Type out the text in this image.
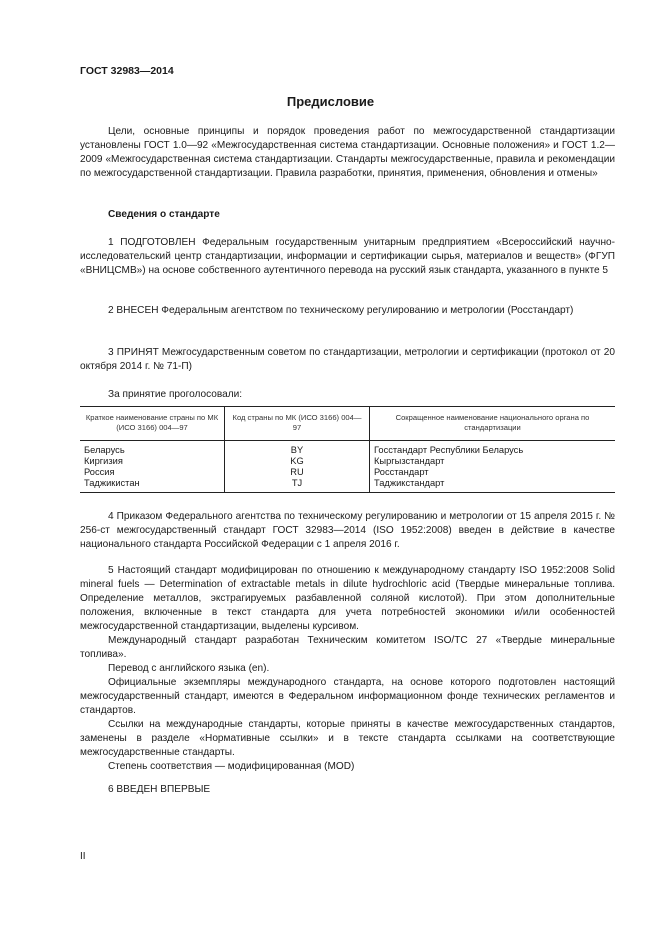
ГОСТ 32983—2014
Предисловие

Цели, основные принципы и порядок проведения работ по межгосударственной стандартизации установлены ГОСТ 1.0—92 «Межгосударственная система стандартизации. Основные положения» и ГОСТ 1.2—2009 «Межгосударственная система стандартизации. Стандарты межгосударственные, правила и рекомендации по межгосударственной стандартизации. Правила разработки, принятия, применения, обновления и отмены»

Сведения о стандарте

1 ПОДГОТОВЛЕН Федеральным государственным унитарным предприятием «Всероссийский научно-исследовательский центр стандартизации, информации и сертификации сырья, материалов и веществ» (ФГУП «ВНИЦСМВ») на основе собственного аутентичного перевода на русский язык стандарта, указанного в пункте 5

2 ВНЕСЕН Федеральным агентством по техническому регулированию и метрологии (Росстандарт)

3 ПРИНЯТ Межгосударственным советом по стандартизации, метрологии и сертификации (протокол от 20 октября 2014 г. № 71-П)

За принятие проголосовали:

Краткое наименование страны по МК (ИСО 3166) 004—97	Код страны по МК (ИСО 3166) 004—97	Сокращенное наименование национального органа по стандартизации
Беларусь	BY	Госстандарт Республики Беларусь
Киргизия	KG	Кыргызстандарт
Россия	RU	Росстандарт
Таджикистан	TJ	Таджикстандарт

4 Приказом Федерального агентства по техническому регулированию и метрологии от 15 апреля 2015 г. № 256-ст межгосударственный стандарт ГОСТ 32983—2014 (ISO 1952:2008) введен в действие в качестве национального стандарта Российской Федерации с 1 апреля 2016 г.

5 Настоящий стандарт модифицирован по отношению к международному стандарту ISO 1952:2008 Solid mineral fuels — Determination of extractable metals in dilute hydrochloric acid (Твердые минеральные топлива. Определение металлов, экстрагируемых разбавленной соляной кислотой). При этом дополнительные положения, включенные в текст стандарта для учета потребностей экономики и/или особенностей межгосударственной стандартизации, выделены курсивом.

Международный стандарт разработан Техническим комитетом ISO/TC 27 «Твердые минеральные топлива».

Перевод с английского языка (en).

Официальные экземпляры международного стандарта, на основе которого подготовлен настоящий межгосударственный стандарт, имеются в Федеральном информационном фонде технических регламентов и стандартов.

Ссылки на международные стандарты, которые приняты в качестве межгосударственных стандартов, заменены в разделе «Нормативные ссылки» и в тексте стандарта ссылками на соответствующие межгосударственные стандарты.

Степень соответствия — модифицированная (MOD)

6 ВВЕДЕН ВПЕРВЫЕ

II
